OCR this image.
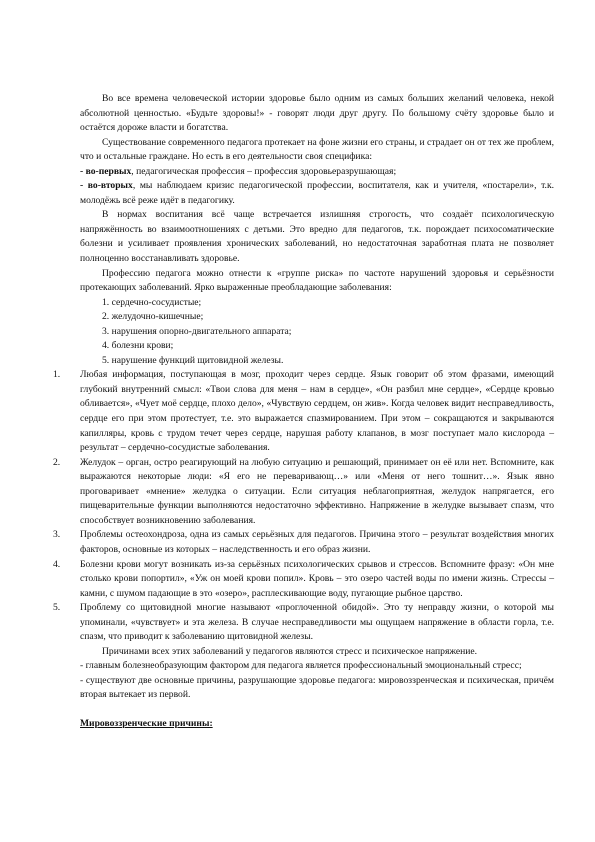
Во все времена человеческой истории здоровье было одним из самых больших желаний человека, некой абсолютной ценностью. «Будьте здоровы!» - говорят люди друг другу. По большому счёту здоровье было и остаётся дороже власти и богатства.

Существование современного педагога протекает на фоне жизни его страны, и страдает он от тех же проблем, что и остальные граждане. Но есть в его деятельности своя специфика:

- во-первых, педагогическая профессия – профессия здоровьеразрушающая;

- во-вторых, мы наблюдаем кризис педагогической профессии, воспитателя, как и учителя, «постарели», т.к. молодёжь всё реже идёт в педагогику.

В нормах воспитания всё чаще встречается излишняя строгость, что создаёт психологическую напряжённость во взаимоотношениях с детьми. Это вредно для педагогов, т.к. порождает психосоматические болезни и усиливает проявления хронических заболеваний, но недостаточная заработная плата не позволяет полноценно восстанавливать здоровье.

Профессию педагога можно отнести к «группе риска» по частоте нарушений здоровья и серьёзности протекающих заболеваний. Ярко выраженные преобладающие заболевания:

1. сердечно-сосудистые;

2. желудочно-кишечные;

3. нарушения опорно-двигательного аппарата;

4. болезни крови;

5. нарушение функций щитовидной железы.

1. Любая информация, поступающая в мозг, проходит через сердце. Язык говорит об этом фразами, имеющий глубокий внутренний смысл: «Твои слова для меня – нам в сердце», «Он разбил мне сердце», «Сердце кровью обливается», «Чует моё сердце, плохо дело», «Чувствую сердцем, он жив». Когда человек видит несправедливость, сердце его при этом протестует, т.е. это выражается спазмированием. При этом – сокращаются и закрываются капилляры, кровь с трудом течет через сердце, нарушая работу клапанов, в мозг поступает мало кислорода – результат – сердечно-сосудистые заболевания.

2. Желудок – орган, остро реагирующий на любую ситуацию и решающий, принимает он её или нет. Вспомните, как выражаются некоторые люди: «Я его не переваривающ…» или «Меня от него тошнит…». Язык явно проговаривает «мнение» желудка о ситуации. Если ситуация неблагоприятная, желудок напрягается, его пищеварительные функции выполняются недостаточно эффективно. Напряжение в желудке вызывает спазм, что способствует возникновению заболевания.

3. Проблемы остеохондроза, одна из самых серьёзных для педагогов. Причина этого – результат воздействия многих факторов, основные из которых – наследственность и его образ жизни.

4. Болезни крови могут возникать из-за серьёзных психологических срывов и стрессов. Вспомните фразу: «Он мне столько крови попортил», «Уж он моей крови попил». Кровь – это озеро частей воды по имени жизнь. Стрессы – камни, с шумом падающие в это «озеро», расплескивающие воду, пугающие рыбное царство.

5. Проблему со щитовидной многие называют «проглоченной обидой». Это ту неправду жизни, о которой мы упоминали, «чувствует» и эта железа. В случае несправедливости мы ощущаем напряжение в области горла, т.е. спазм, что приводит к заболеванию щитовидной железы.

Причинами всех этих заболеваний у педагогов являются стресс и психическое напряжение.

- главным болезнеобразующим фактором для педагога является профессиональный эмоциональный стресс;

- существуют две основные причины, разрушающие здоровье педагога: мировоззренческая и психическая, причём вторая вытекает из первой.

Мировоззренческие причины:
